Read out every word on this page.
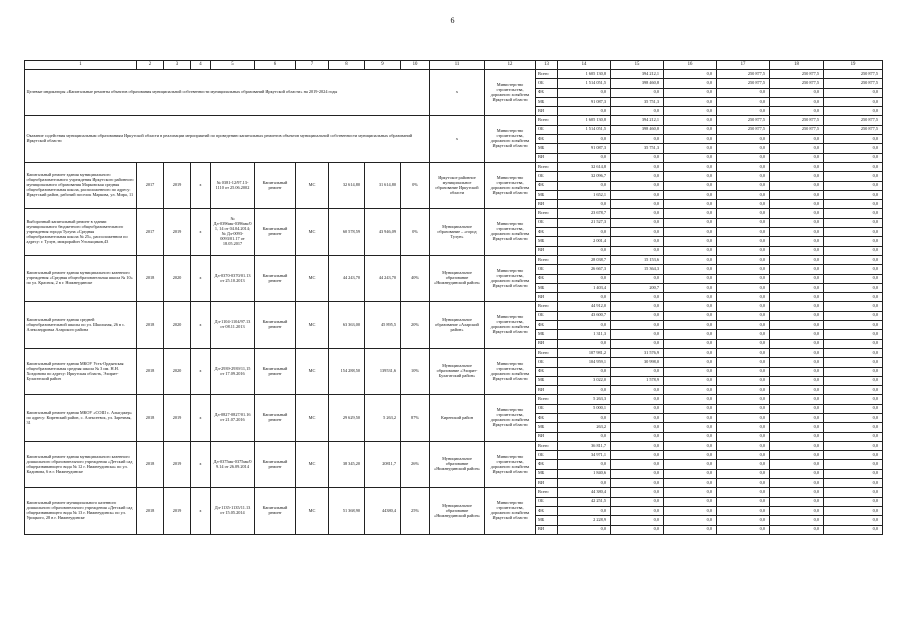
6
1	2	3	4	5	6	7	8	9	10	11	12	13	14	15	16	17	18	19
Целевые индикаторы «Капитальные ремонты объектов образования муниципальной собственности муниципальных образований Иркутской области» на 2019-2024 годы										х	Министерство строительства, дорожного хозяйства Иркутской области	Всего	1 605 130,8	394 212,1	0,0	250 877,5	250 877,5	250 877,5
												ОБ	1 514 051,5	398 460,8	0,0	250 877,5	250 877,5	250 877,5
												ФБ	0,0	0,0	0,0	0,0	0,0	0,0
												МБ	91 087,3	35 751,3	0,0	0,0	0,0	0,0
												ВИ	0,0	0,0	0,0	0,0	0,0	0,0
Оказание содействия муниципальным образованиям Иркутской области в реализации мероприятий по проведению капитальных ремонтов объектов муниципальной собственности муниципальных образований Иркутской области										х	Министерство строительства, дорожного хозяйства Иркутской области	Всего	1 605 130,8	394 212,1	0,0	250 877,5	250 877,5	250 877,5
												ОБ	1 514 051,5	398 460,8	0,0	250 877,5	250 877,5	250 877,5
												ФБ	0,0	0,0	0,0	0,0	0,0	0,0
												МБ	91 087,3	35 751,3	0,0	0,0	0,0	0,0
												ВИ	0,0	0,0	0,0	0,0	0,0	0,0
Капитальный ремонт здания муниципального общеобразовательного учреждения Иркутского районного муниципального образования Марковская средняя общеобразовательная школа, расположенного по адресу: Иркутский район, рабочий поселок Маркова, ул. Мира, 11	2017	2019	х	№ 0381-12/97.13-1110 от 25.06.2002	Капитальный ремонт	МС	32 614,80	31 614,80	0%	Иркутское районное муниципальное образование Иркутской области	Министерство строительства, дорожного хозяйства Иркутской области	Всего	32 614,8	0,0	0,0	0,0	0,0	0,0
												ОБ	32 096,7	0,0	0,0	0,0	0,0	0,0
												ФБ	0,0	0,0	0,0	0,0	0,0	0,0
												МБ	1 652,1	0,0	0,0	0,0	0,0	0,0
												ВИ	0,0	0,0	0,0	0,0	0,0	0,0
Выборочный капитальный ремонт в здании муниципального бюджетного общеобразовательного учреждения города Тулуна «Средняя общеобразовательная школа № 25», расположенном по адресу: г. Тулун, микрорайон Угольщиков,43	2017	2019	х	№ Дл-0396мк-0396мк/01, 14 от 04.04.2014; № Дл-0093-0093/01.17 от 18.05.2017	Капитальный ремонт	МС	60 578,59	43 946,09	0%	Муниципальное образование – «город Тулун»	Министерство строительства, дорожного хозяйства Иркутской области	Всего	23 678,7	0,0	0,0	0,0	0,0	0,0
												ОБ	21 527,3	0,0	0,0	0,0	0,0	0,0
												ФБ	0,0	0,0	0,0	0,0	0,0	0,0
												МБ	2 001,4	0,0	0,0	0,0	0,0	0,0
												ВИ	0,0	0,0	0,0	0,0	0,0	0,0
Капитальный ремонт здания муниципального казенного учреждения «Средняя общеобразовательная школа № 10» по ул. Красноя, 2 в г. Нижнеудинске	2018	2020	х	Дл-0370-0370/01.13 от 25.10.2013	Капитальный ремонт	МС	44 243,70	44 243,70	40%	Муниципальное образование «Нижнеудинский район»	Министерство строительства, дорожного хозяйства Иркутской области	Всего	28 038,7	15 153,6	0,0	0,0	0,0	0,0
												ОБ	26 667,3	15 364,3	0,0	0,0	0,0	0,0
												ФБ	0,0	0,0	0,0	0,0	0,0	0,0
												МБ	1 403,4	200,7	0,0	0,0	0,0	0,0
												ВИ	0,0	0,0	0,0	0,0	0,0	0,0
Капитальный ремонт здания средней общеобразовательной школы по ул. Школьная, 26 в с. Александровка Аларского района	2018	2020	х	Дл-1104-1104/97.13 от 08.11.2013	Капитальный ремонт	МС	63 363,00	45 895,5	20%	Муниципальное образование «Аларский район»	Министерство строительства, дорожного хозяйства Иркутской области	Всего	44 912,0	0,0	0,0	0,0	0,0	0,0
												ОБ	43 600,7	0,0	0,0	0,0	0,0	0,0
												ФБ	0,0	0,0	0,0	0,0	0,0	0,0
												МБ	1 311,3	0,0	0,0	0,0	0,0	0,0
												ВИ	0,0	0,0	0,0	0,0	0,0	0,0
Капитальный ремонт здания МКОУ Усть-Ордынская общеобразовательная средняя школа № 3 им. Н.Н. Хоздинова по адресу: Иркутская область, Эхирит-Булагатский район	2018	2020	х	Дл-2939-2939/11,15 от 17.09.2016	Капитальный ремонт	МС	154 288,50	139531,6	10%	Муниципальное образование «Эхирит-Булагатский район»	Министерство строительства, дорожного хозяйства Иркутской области	Всего	107 981,2	31 576,9	0,0	0,0	0,0	0,0
												ОБ	104 959,1	30 998,0	0,0	0,0	0,0	0,0
												ФБ	0,0	0,0	0,0	0,0	0,0	0,0
												МБ	3 022,0	1 578,9	0,0	0,0	0,0	0,0
												ВИ	0,0	0,0	0,0	0,0	0,0	0,0
Капитальный ремонт здания МКОУ «СОШ с. Алыгджер» по адресу: Киренский район, с. Алексеевск, ул. Заречная, 31	2018	2019	х	Дл-0827-0827/01.16 от 21.07.2016	Капитальный ремонт	МС	29 629,50	5 263,2	87%	Киренский район	Министерство строительства, дорожного хозяйства Иркутской области	Всего	5 263,3	0,0	0,0	0,0	0,0	0,0
												ОБ	5 000,1	0,0	0,0	0,0	0,0	0,0
												ФБ	0,0	0,0	0,0	0,0	0,0	0,0
												МБ	263,2	0,0	0,0	0,0	0,0	0,0
												ВИ	0,0	0,0	0,0	0,0	0,0	0,0
Капитальный ремонт здания муниципального казенного дошкольного образовательного учреждения «Детский сад общеразвивающего вида № 12 г. Нижнеудинска» по ул. Кадинова, 6 в г. Нижнеудинске	2018	2019	х	Дл-0375мк-0375мк/09.14 от 26.09.2014	Капитальный ремонт	МС	38 345,20	20811,7	26%	Муниципальное образование «Нижнеудинский район»	Министерство строительства, дорожного хозяйства Иркутской области	Всего	36 811,7	0,0	0,0	0,0	0,0	0,0
												ОБ	34 971,1	0,0	0,0	0,0	0,0	0,0
												ФБ	0,0	0,0	0,0	0,0	0,0	0,0
												МБ	1 840,6	0,0	0,0	0,0	0,0	0,0
												ВИ	0,0	0,0	0,0	0,0	0,0	0,0
Капитальный ремонт муниципального казенного дошкольного образовательного учреждения «Детский сад общеразвивающего вида № 13 г. Нижнеудинск» по ул. Урицкого, 28 в г. Нижнеудинске	2018	2019	х	Дл-1135-1135/11.13 от 15.05.2014	Капитальный ремонт	МС	51 368,90	44380,4	25%	Муниципальное образование «Нижнеудинский район»	Министерство строительства, дорожного хозяйства Иркутской области	Всего	44 380,4	0,0	0,0	0,0	0,0	0,0
												ОБ	42 251,5	0,0	0,0	0,0	0,0	0,0
												ФБ	0,0	0,0	0,0	0,0	0,0	0,0
												МБ	2 228,9	0,0	0,0	0,0	0,0	0,0
												ВИ	0,0	0,0	0,0	0,0	0,0	0,0
